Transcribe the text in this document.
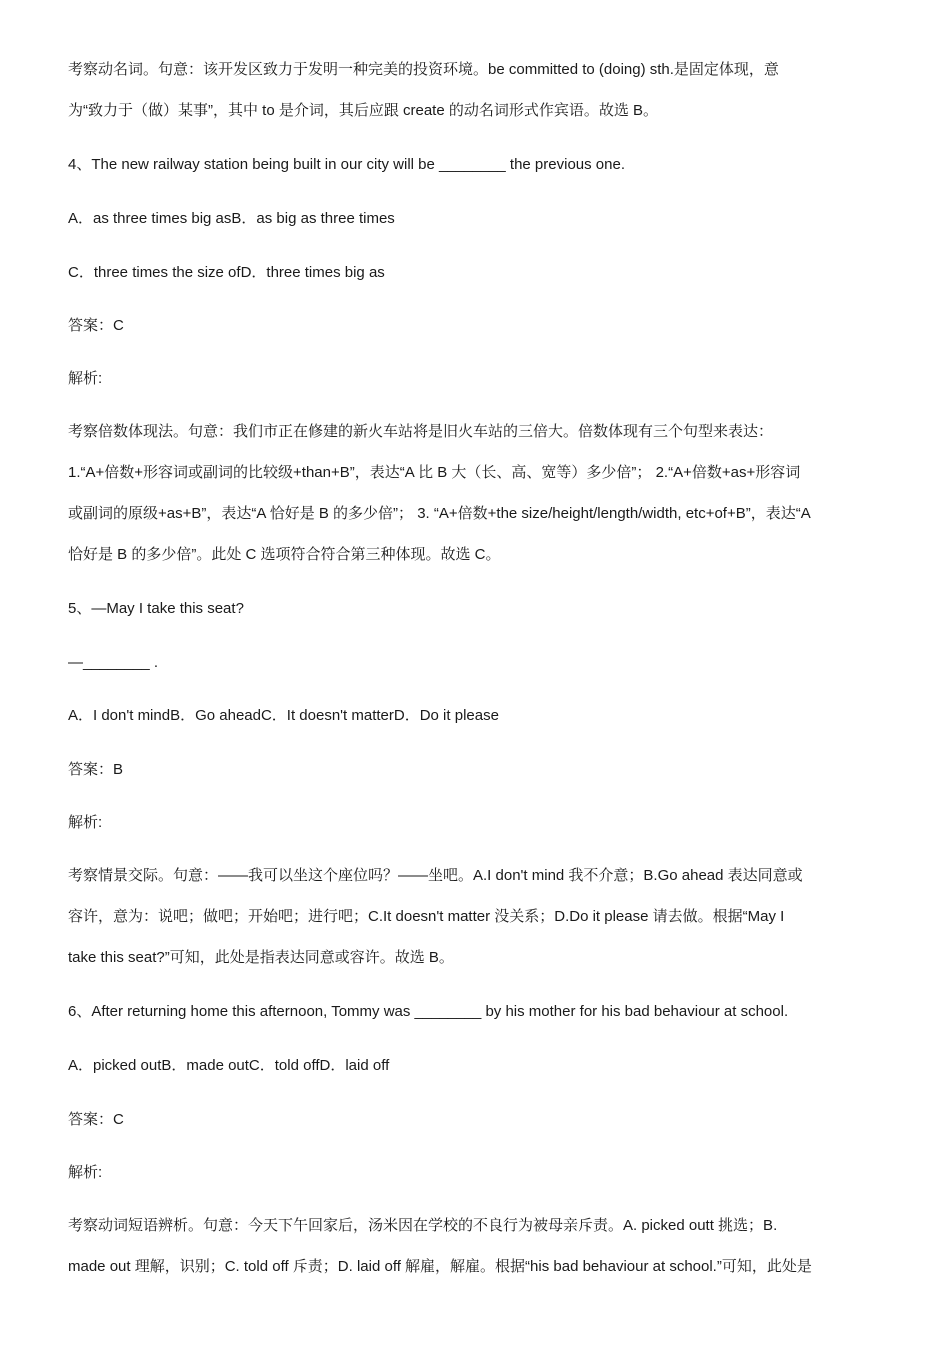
考察动名词。句意：该开发区致力于发明一种完美的投资环境。be committed to (doing) sth.是固定体现，意
为“致力于（做）某事”，其中 to 是介词，其后应跟 create 的动名词形式作宾语。故选 B。
4、The new railway station being built in our city will be ________ the previous one.
A．as three times big asB．as big as three times
C．three times the size ofD．three times big as
答案：C
解析:
考察倍数体现法。句意：我们市正在修建的新火车站将是旧火车站的三倍大。倍数体现有三个句型来表达：
1.“A+倍数+形容词或副词的比较级+than+B”，表达“A 比 B 大（长、高、宽等）多少倍”； 2.“A+倍数+as+形容词
或副词的原级+as+B”，表达“A 恰好是 B 的多少倍”； 3. “A+倍数+the size/height/length/width, etc+of+B”，表达“A
恰好是 B 的多少倍”。此处 C 选项符合符合第三种体现。故选 C。
5、—May I take this seat?
—________ .
A．I don't mindB．Go aheadC．It doesn't matterD．Do it please
答案：B
解析:
考察情景交际。句意：——我可以坐这个座位吗？——坐吧。A.I don't mind 我不介意；B.Go ahead 表达同意或
容许，意为：说吧；做吧；开始吧；进行吧；C.It doesn't matter 没关系；D.Do it please 请去做。根据“May I
take this seat?”可知，此处是指表达同意或容许。故选 B。
6、After returning home this afternoon, Tommy was ________ by his mother for his bad behaviour at school.
A．picked outB．made outC．told offD．laid off
答案：C
解析:
考察动词短语辨析。句意：今天下午回家后，汤米因在学校的不良行为被母亲斥责。A. picked outt 挑选；B.
made out 理解，识别；C. told off 斥责；D. laid off 解雇，解雇。根据“his bad behaviour at school.”可知，此处是
